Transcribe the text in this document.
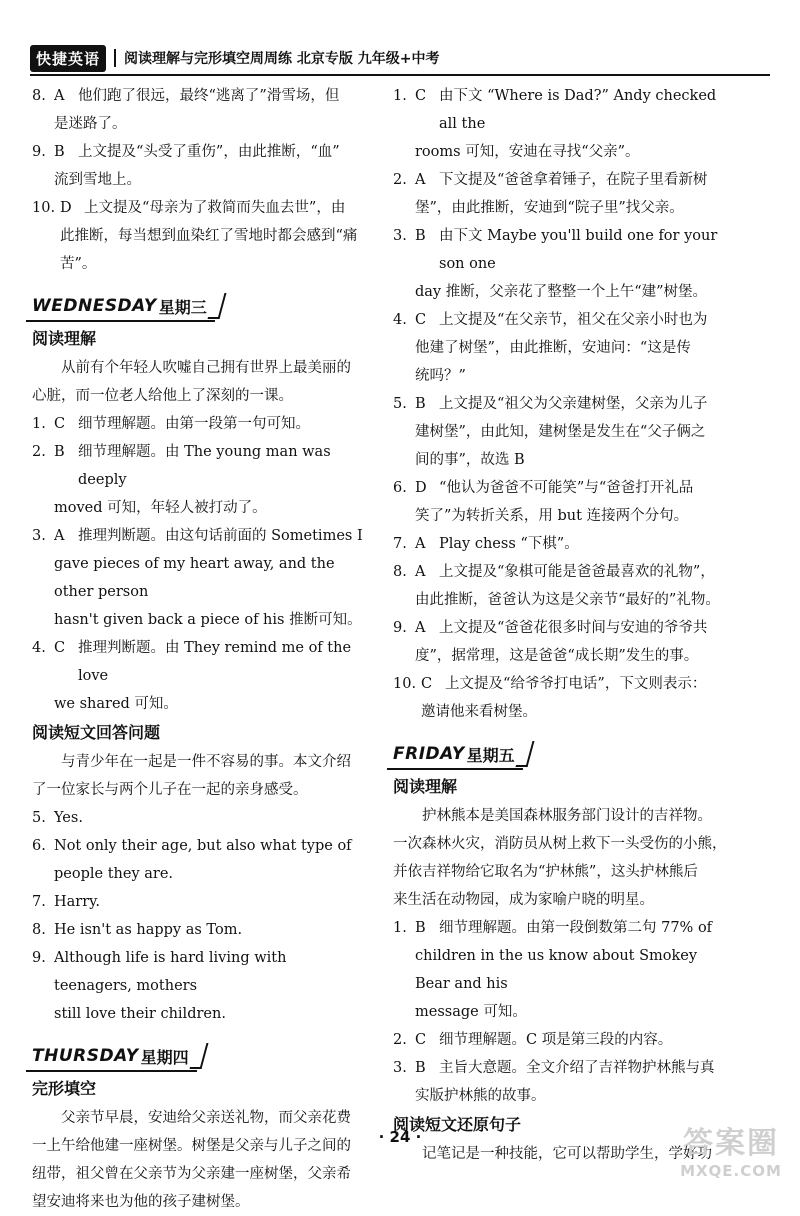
快捷英语	阅读理解与完形填空周周练 北京专版 九年级+中考
8. A 他们跑了很远，最终“逃离了”滑雪场，但
是迷路了。
9. B 上文提及“头受了重伤”，由此推断，“血”
流到雪地上。
10. D 上文提及“母亲为了救简而失血去世”，由
此推断，每当想到血染红了雪地时都会感到“痛
苦”。
WEDNESDAY 星期三
阅读理解
从前有个年轻人吹嘘自己拥有世界上最美丽的
心脏，而一位老人给他上了深刻的一课。
1. C 细节理解题。由第一段第一句可知。
2. B 细节理解题。由 The young man was deeply
moved 可知，年轻人被打动了。
3. A 推理判断题。由这句话前面的 Sometimes I
gave pieces of my heart away, and the other person
hasn't given back a piece of his 推断可知。
4. C 推理判断题。由 They remind me of the love
we shared 可知。
阅读短文回答问题
与青少年在一起是一件不容易的事。本文介绍
了一位家长与两个儿子在一起的亲身感受。
5. Yes.
6. Not only their age, but also what type of people they are.
7. Harry.
8. He isn't as happy as Tom.
9. Although life is hard living with teenagers, mothers
still love their children.
THURSDAY 星期四
完形填空
父亲节早晨，安迪给父亲送礼物，而父亲花费
一上午给他建一座树堡。树堡是父亲与儿子之间的
纽带，祖父曾在父亲节为父亲建一座树堡，父亲希
望安迪将来也为他的孩子建树堡。
1. C 由下文 “Where is Dad?” Andy checked all the
rooms 可知，安迪在寻找“父亲”。
2. A 下文提及“爸爸拿着锤子，在院子里看新树
堡”，由此推断，安迪到“院子里”找父亲。
3. B 由下文 Maybe you'll build one for your son one
day 推断，父亲花了整整一个上午“建”树堡。
4. C 上文提及“在父亲节，祖父在父亲小时也为
他建了树堡”，由此推断，安迪问：“这是传
统吗？”
5. B 上文提及“祖父为父亲建树堡，父亲为儿子
建树堡”，由此知，建树堡是发生在“父子俩之
间的事”，故选 B
6. D “他认为爸爸不可能笑”与“爸爸打开礼品
笑了”为转折关系，用 but 连接两个分句。
7. A Play chess “下棋”。
8. A 上文提及“象棋可能是爸爸最喜欢的礼物”，
由此推断，爸爸认为这是父亲节“最好的”礼物。
9. A 上文提及“爸爸花很多时间与安迪的爷爷共
度”，据常理，这是爸爸“成长期”发生的事。
10. C 上文提及“给爷爷打电话”，下文则表示：
邀请他来看树堡。
FRIDAY 星期五
阅读理解
护林熊本是美国森林服务部门设计的吉祥物。
一次森林火灾，消防员从树上救下一头受伤的小熊，
并依吉祥物给它取名为“护林熊”，这头护林熊后
来生活在动物园，成为家喻户晓的明星。
1. B 细节理解题。由第一段倒数第二句 77% of
children in the us know about Smokey Bear and his
message 可知。
2. C 细节理解题。C 项是第三段的内容。
3. B 主旨大意题。全文介绍了吉祥物护林熊与真
实版护林熊的故事。
阅读短文还原句子
记笔记是一种技能，它可以帮助学生，学好功
· 24 ·	答案圈
MXQE.COM
